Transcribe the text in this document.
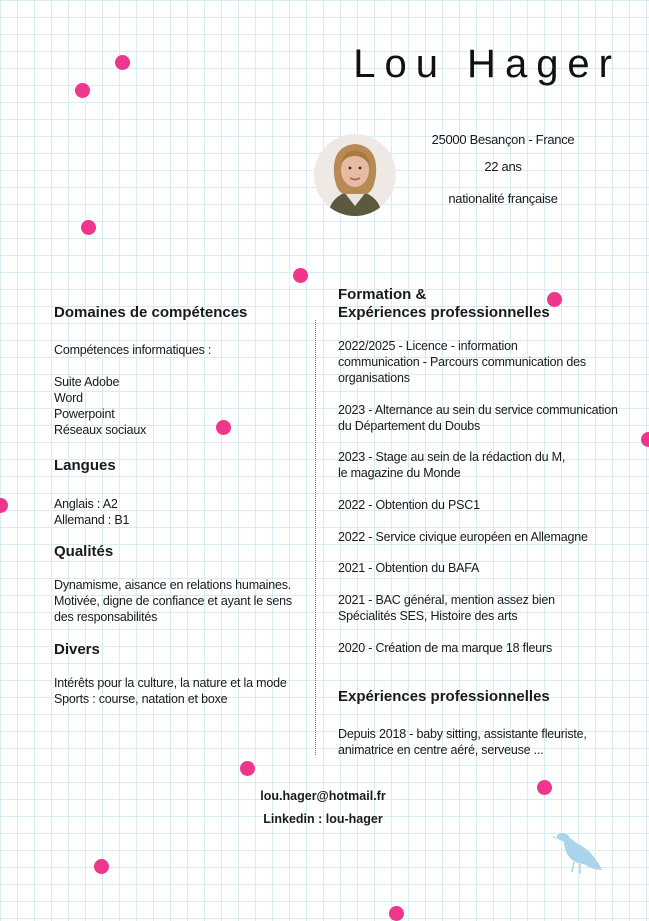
Lou Hager
25000 Besançon - France
22 ans
nationalité française
Domaines de compétences
Compétences informatiques :
Suite Adobe
Word
Powerpoint
Réseaux sociaux
Langues
Anglais : A2
Allemand : B1
Qualités
Dynamisme, aisance en relations humaines. Motivée, digne de confiance et ayant le sens des responsabilités
Divers
Intérêts pour la culture, la nature et la mode
Sports : course, natation et boxe
Formation &
Expériences professionnelles
2022/2025 - Licence - information
communication - Parcours communication des
organisations
2023 - Alternance au sein du service communication
du Département du Doubs
2023 - Stage au sein de la rédaction du M,
le magazine du Monde
2022 - Obtention du PSC1
2022 - Service civique européen en Allemagne
2021 - Obtention du BAFA
2021 - BAC général, mention assez bien
Spécialités SES, Histoire des arts
2020 - Création de ma marque 18 fleurs
Expériences professionnelles
Depuis 2018 - baby sitting, assistante fleuriste,
animatrice en centre aéré, serveuse ...
lou.hager@hotmail.fr
Linkedin : lou-hager
